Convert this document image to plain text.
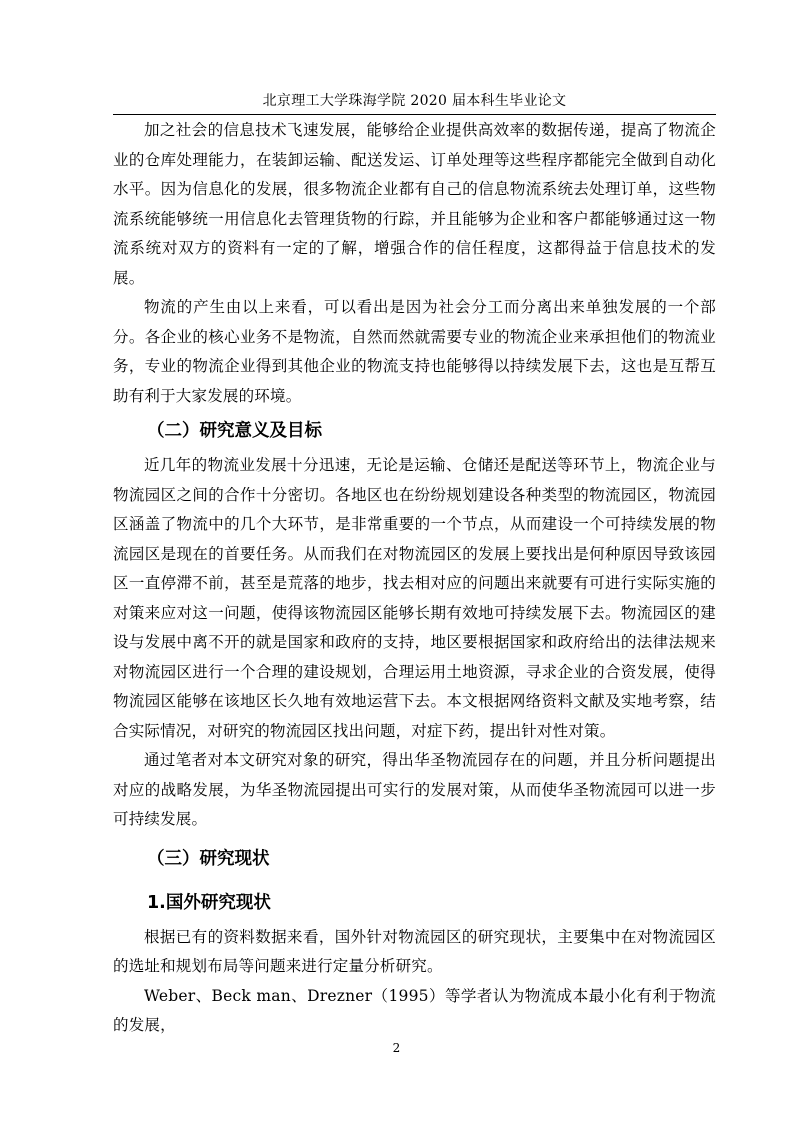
北京理工大学珠海学院 2020 届本科生毕业论文

加之社会的信息技术飞速发展，能够给企业提供高效率的数据传递，提高了物流企业的仓库处理能力，在装卸运输、配送发运、订单处理等这些程序都能完全做到自动化水平。因为信息化的发展，很多物流企业都有自己的信息物流系统去处理订单，这些物流系统能够统一用信息化去管理货物的行踪，并且能够为企业和客户都能够通过这一物流系统对双方的资料有一定的了解，增强合作的信任程度，这都得益于信息技术的发展。

物流的产生由以上来看，可以看出是因为社会分工而分离出来单独发展的一个部分。各企业的核心业务不是物流，自然而然就需要专业的物流企业来承担他们的物流业务，专业的物流企业得到其他企业的物流支持也能够得以持续发展下去，这也是互帮互助有利于大家发展的环境。

（二）研究意义及目标

近几年的物流业发展十分迅速，无论是运输、仓储还是配送等环节上，物流企业与物流园区之间的合作十分密切。各地区也在纷纷规划建设各种类型的物流园区，物流园区涵盖了物流中的几个大环节，是非常重要的一个节点，从而建设一个可持续发展的物流园区是现在的首要任务。从而我们在对物流园区的发展上要找出是何种原因导致该园区一直停滞不前，甚至是荒落的地步，找去相对应的问题出来就要有可进行实际实施的对策来应对这一问题，使得该物流园区能够长期有效地可持续发展下去。物流园区的建设与发展中离不开的就是国家和政府的支持，地区要根据国家和政府给出的法律法规来对物流园区进行一个合理的建设规划，合理运用土地资源，寻求企业的合资发展，使得物流园区能够在该地区长久地有效地运营下去。本文根据网络资料文献及实地考察，结合实际情况，对研究的物流园区找出问题，对症下药，提出针对性对策。

通过笔者对本文研究对象的研究，得出华圣物流园存在的问题，并且分析问题提出对应的战略发展，为华圣物流园提出可实行的发展对策，从而使华圣物流园可以进一步可持续发展。

（三）研究现状
1.国外研究现状

根据已有的资料数据来看，国外针对物流园区的研究现状，主要集中在对物流园区的选址和规划布局等问题来进行定量分析研究。

Weber、Beck man、Drezner（1995）等学者认为物流成本最小化有利于物流的发展，

2
